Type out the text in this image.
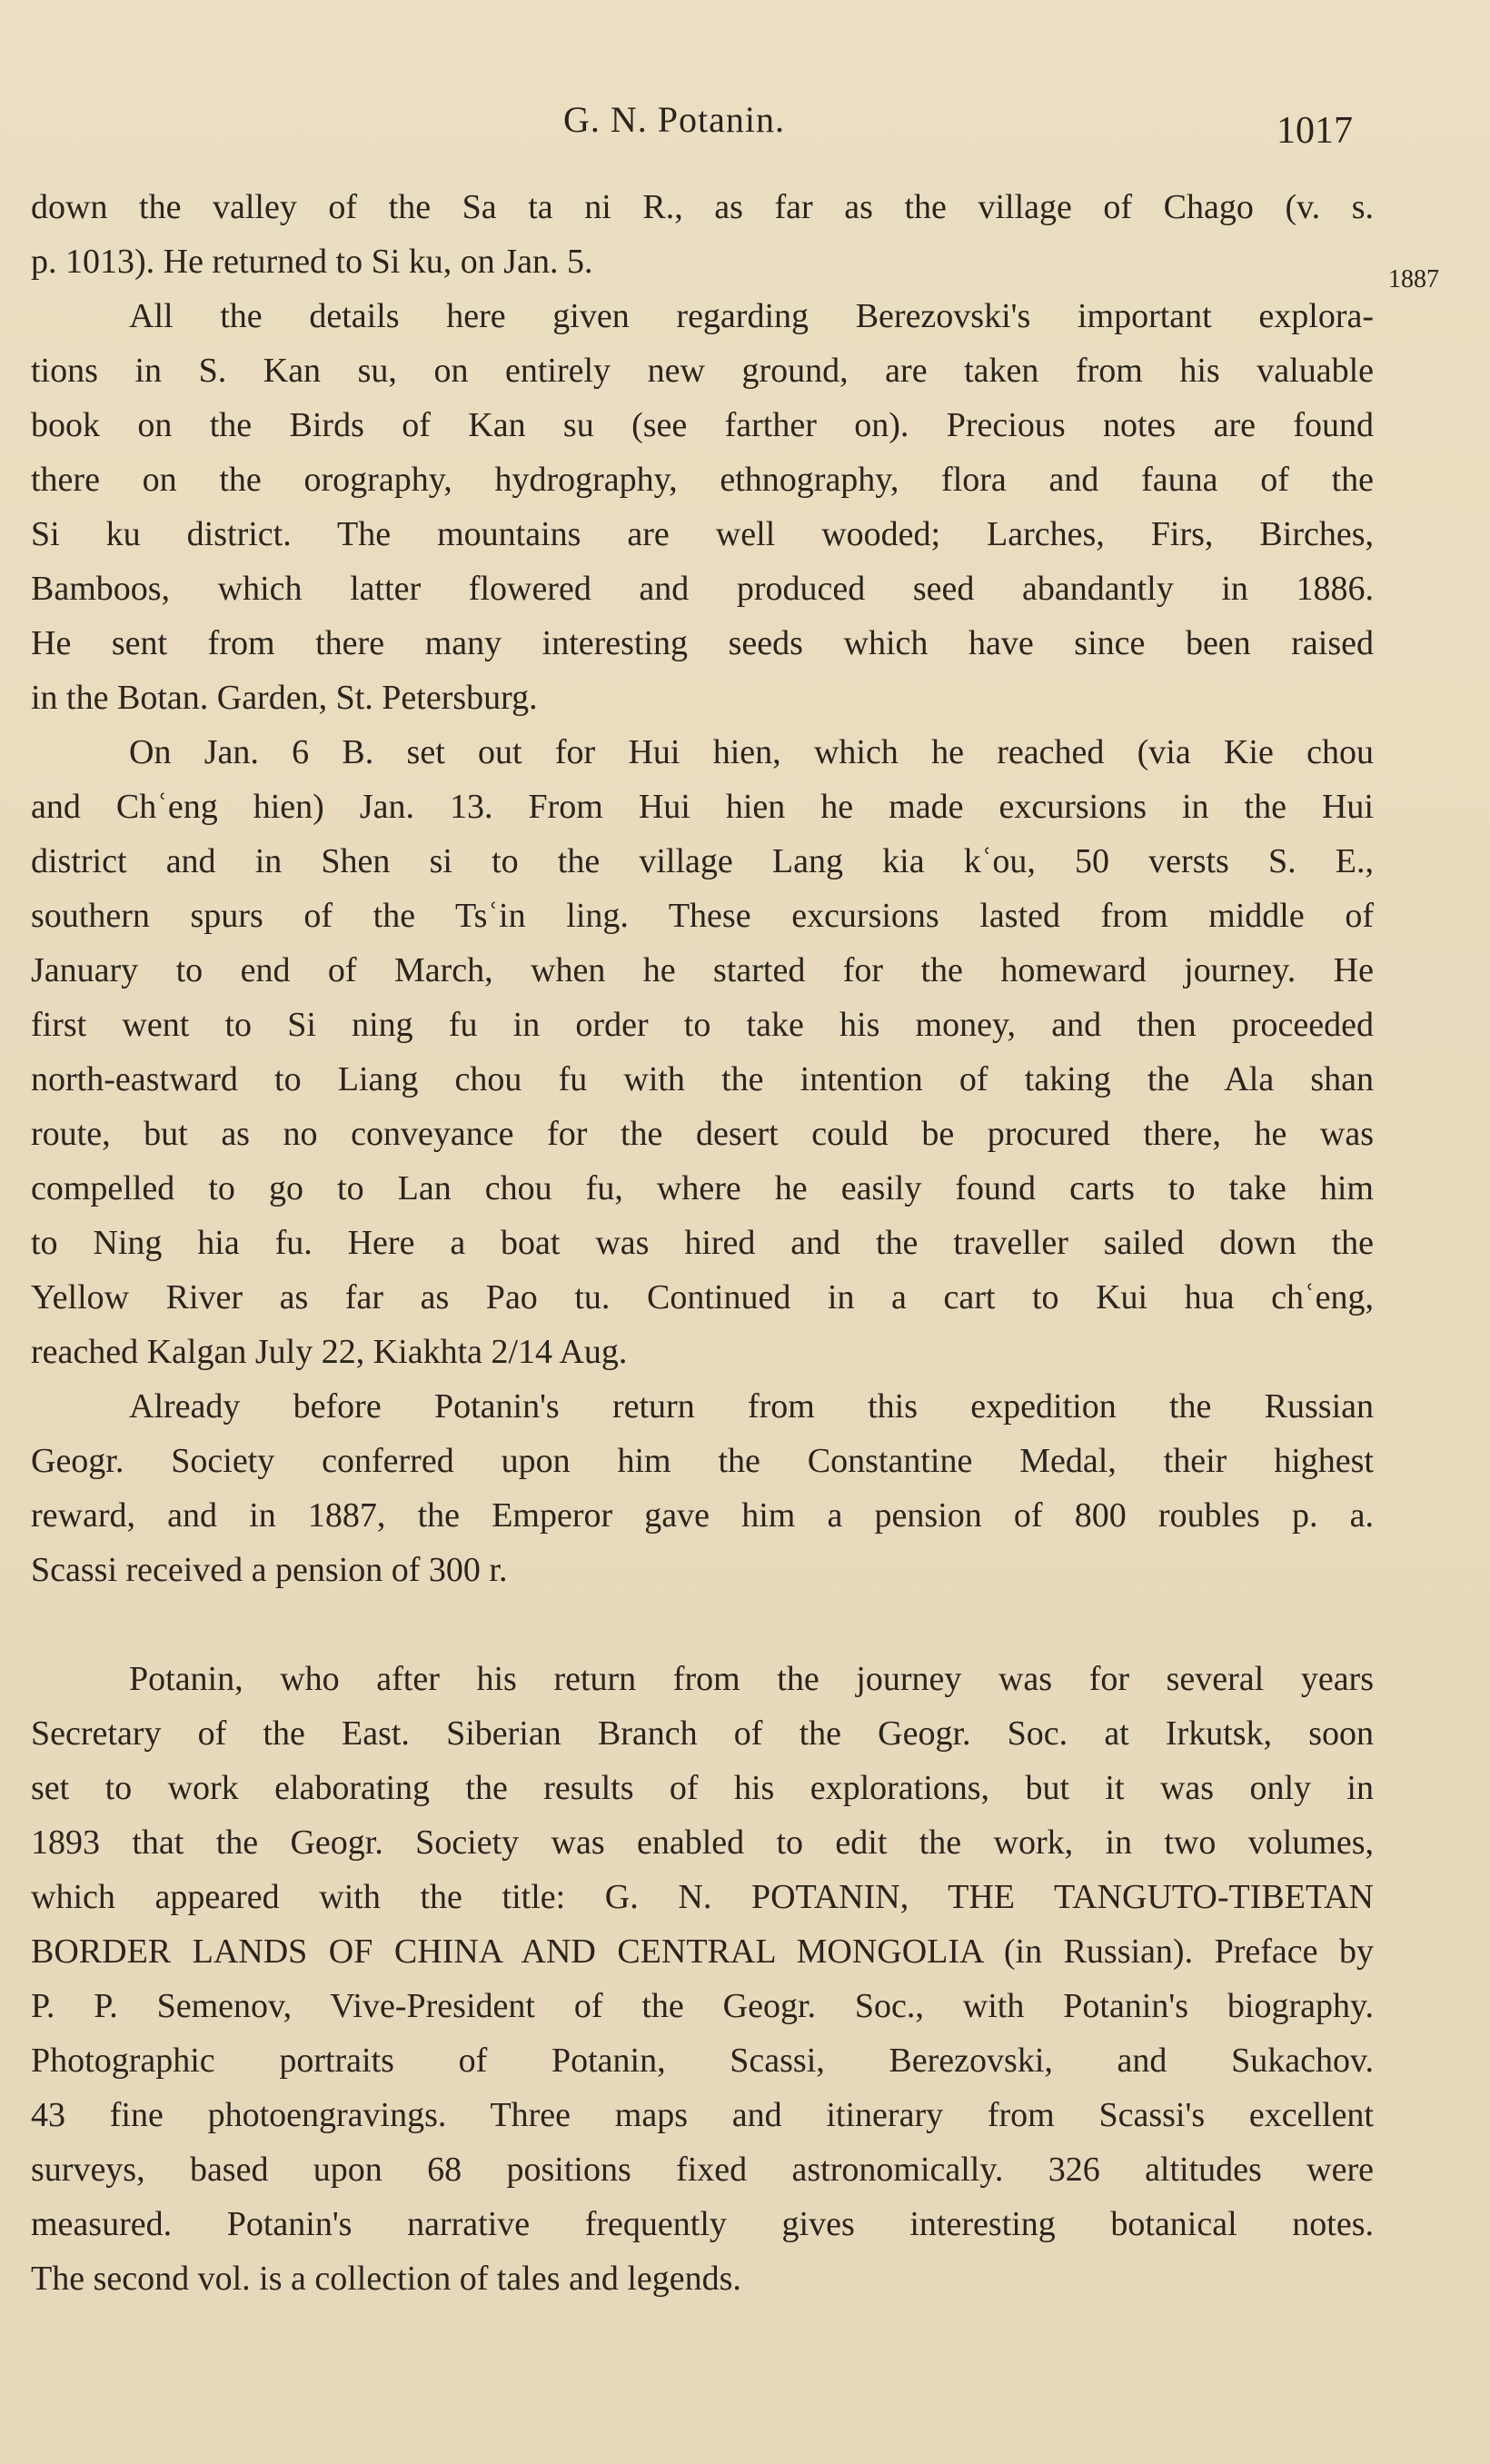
G. N. Potanin.	1017
1887
down the valley of the Sa ta ni R., as far as the village of Chago (v. s.
p. 1013). He returned to Si ku, on Jan. 5.
All the details here given regarding Berezovski's important explora-
tions in S. Kan su, on entirely new ground, are taken from his valuable
book on the Birds of Kan su (see farther on). Precious notes are found
there on the orography, hydrography, ethnography, flora and fauna of the
Si ku district. The mountains are well wooded; Larches, Firs, Birches,
Bamboos, which latter flowered and produced seed abandantly in 1886.
He sent from there many interesting seeds which have since been raised
in the Botan. Garden, St. Petersburg.
On Jan. 6 B. set out for Hui hien, which he reached (via Kie chou
and Chʿeng hien) Jan. 13. From Hui hien he made excursions in the Hui
district and in Shen si to the village Lang kia kʿou, 50 versts S. E.,
southern spurs of the Tsʿin ling. These excursions lasted from middle of
January to end of March, when he started for the homeward journey. He
first went to Si ning fu in order to take his money, and then proceeded
north-eastward to Liang chou fu with the intention of taking the Ala shan
route, but as no conveyance for the desert could be procured there, he was
compelled to go to Lan chou fu, where he easily found carts to take him
to Ning hia fu. Here a boat was hired and the traveller sailed down the
Yellow River as far as Pao tu. Continued in a cart to Kui hua chʿeng,
reached Kalgan July 22, Kiakhta 2/14 Aug.
Already before Potanin's return from this expedition the Russian
Geogr. Society conferred upon him the Constantine Medal, their highest
reward, and in 1887, the Emperor gave him a pension of 800 roubles p. a.
Scassi received a pension of 300 r.
Potanin, who after his return from the journey was for several years
Secretary of the East. Siberian Branch of the Geogr. Soc. at Irkutsk, soon
set to work elaborating the results of his explorations, but it was only in
1893 that the Geogr. Society was enabled to edit the work, in two volumes,
which appeared with the title: G. N. POTANIN, THE TANGUTO-TIBETAN
BORDER LANDS OF CHINA AND CENTRAL MONGOLIA (in Russian). Preface by
P. P. Semenov, Vive-President of the Geogr. Soc., with Potanin's biography.
Photographic portraits of Potanin, Scassi, Berezovski, and Sukachov.
43 fine photoengravings. Three maps and itinerary from Scassi's excellent
surveys, based upon 68 positions fixed astronomically. 326 altitudes were
measured. Potanin's narrative frequently gives interesting botanical notes.
The second vol. is a collection of tales and legends.
